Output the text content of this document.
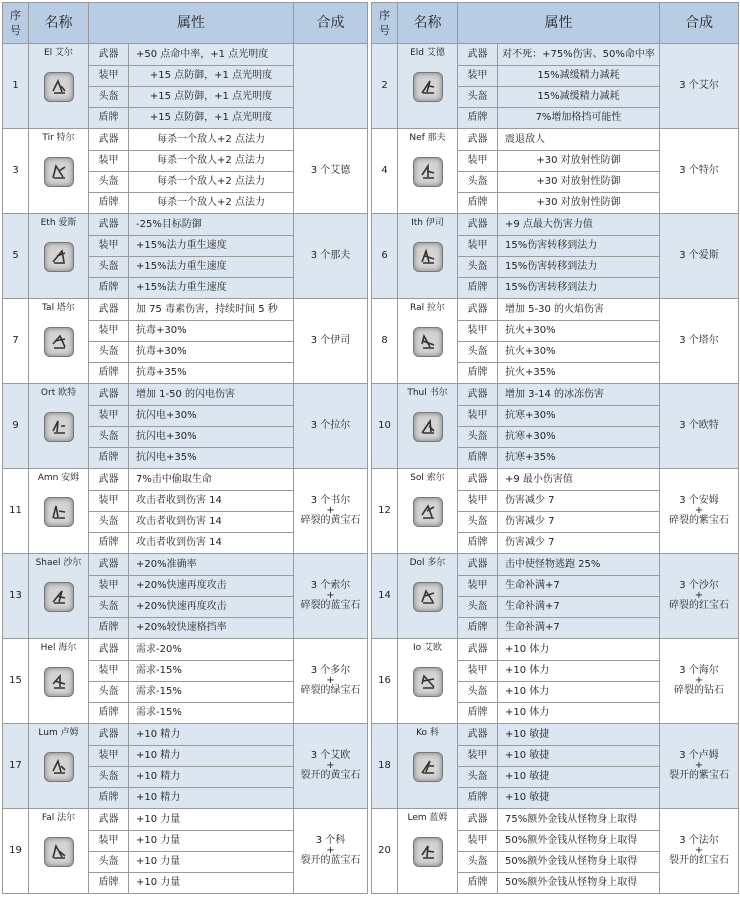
序号	名称	属性		合成
1	El 艾尔	武器	+50 点命中率，+1 点光明度	
		装甲	+15 点防御，+1 点光明度	
		头盔	+15 点防御，+1 点光明度	
		盾牌	+15 点防御，+1 点光明度	
3	Tir 特尔	武器	每杀一个敌人+2 点法力	3 个艾德

		装甲	每杀一个敌人+2 点法力	
		头盔	每杀一个敌人+2 点法力	
		盾牌	每杀一个敌人+2 点法力	
5	Eth 爱斯	武器	-25%目标防御	3 个那夫

		装甲	+15%法力重生速度	
		头盔	+15%法力重生速度	
		盾牌	+15%法力重生速度	
7	Tal 塔尔	武器	加 75 毒素伤害，持续时间 5 秒	3 个伊司

		装甲	抗毒+30%	
		头盔	抗毒+30%	
		盾牌	抗毒+35%	
9	Ort 欧特	武器	增加 1-50 的闪电伤害	3 个拉尔

		装甲	抗闪电+30%	
		头盔	抗闪电+30%	
		盾牌	抗闪电+35%	
11	Amn 安姆	武器	7%击中偷取生命	3 个书尔
+
碎裂的黄宝石

		装甲	攻击者收到伤害 14	
		头盔	攻击者收到伤害 14	
		盾牌	攻击者收到伤害 14	
13	Shael 沙尔	武器	+20%准确率	3 个索尔
+
碎裂的蓝宝石

		装甲	+20%快速再度攻击	
		头盔	+20%快速再度攻击	
		盾牌	+20%较快速格挡率	
15	Hel 海尔	武器	需求-20%	3 个多尔
+
碎裂的绿宝石

		装甲	需求-15%	
		头盔	需求-15%	
		盾牌	需求-15%	
17	Lum 卢姆	武器	+10 精力	3 个艾欧
+
裂开的黄宝石

		装甲	+10 精力	
		头盔	+10 精力	
		盾牌	+10 精力	
19	Fal 法尔	武器	+10 力量	3 个科
+
裂开的蓝宝石

		装甲	+10 力量	
		头盔	+10 力量	
		盾牌	+10 力量	
序号	名称	属性		合成
2	Eld 艾德	武器	对不死：+75%伤害、50%命中率	3 个艾尔

		装甲	15%减缓精力减耗	
		头盔	15%减缓精力减耗	
		盾牌	7%增加格挡可能性	
4	Nef 那夫	武器	震退敌人	3 个特尔

		装甲	+30 对放射性防御	
		头盔	+30 对放射性防御	
		盾牌	+30 对放射性防御	
6	Ith 伊司	武器	+9 点最大伤害力值	3 个爱斯

		装甲	15%伤害转移到法力	
		头盔	15%伤害转移到法力	
		盾牌	15%伤害转移到法力	
8	Ral 拉尔	武器	增加 5-30 的火焰伤害	3 个塔尔

		装甲	抗火+30%	
		头盔	抗火+30%	
		盾牌	抗火+35%	
10	Thul 书尔	武器	增加 3-14 的冰冻伤害	3 个欧特

		装甲	抗寒+30%	
		头盔	抗寒+30%	
		盾牌	抗寒+35%	
12	Sol 索尔	武器	+9 最小伤害值	3 个安姆
+
碎裂的紫宝石

		装甲	伤害减少 7	
		头盔	伤害减少 7	
		盾牌	伤害减少 7	
14	Dol 多尔	武器	击中使怪物逃跑 25%	3 个沙尔
+
碎裂的红宝石

		装甲	生命补满+7	
		头盔	生命补满+7	
		盾牌	生命补满+7	
16	Io 艾欧	武器	+10 体力	3 个海尔
+
碎裂的钻石

		装甲	+10 体力	
		头盔	+10 体力	
		盾牌	+10 体力	
18	Ko 科	武器	+10 敏捷	3 个卢姆
+
裂开的紫宝石

		装甲	+10 敏捷	
		头盔	+10 敏捷	
		盾牌	+10 敏捷	
20	Lem 蓝姆	武器	75%额外金钱从怪物身上取得	3 个法尔
+
裂开的红宝石

		装甲	50%额外金钱从怪物身上取得	
		头盔	50%额外金钱从怪物身上取得	
		盾牌	50%额外金钱从怪物身上取得	
